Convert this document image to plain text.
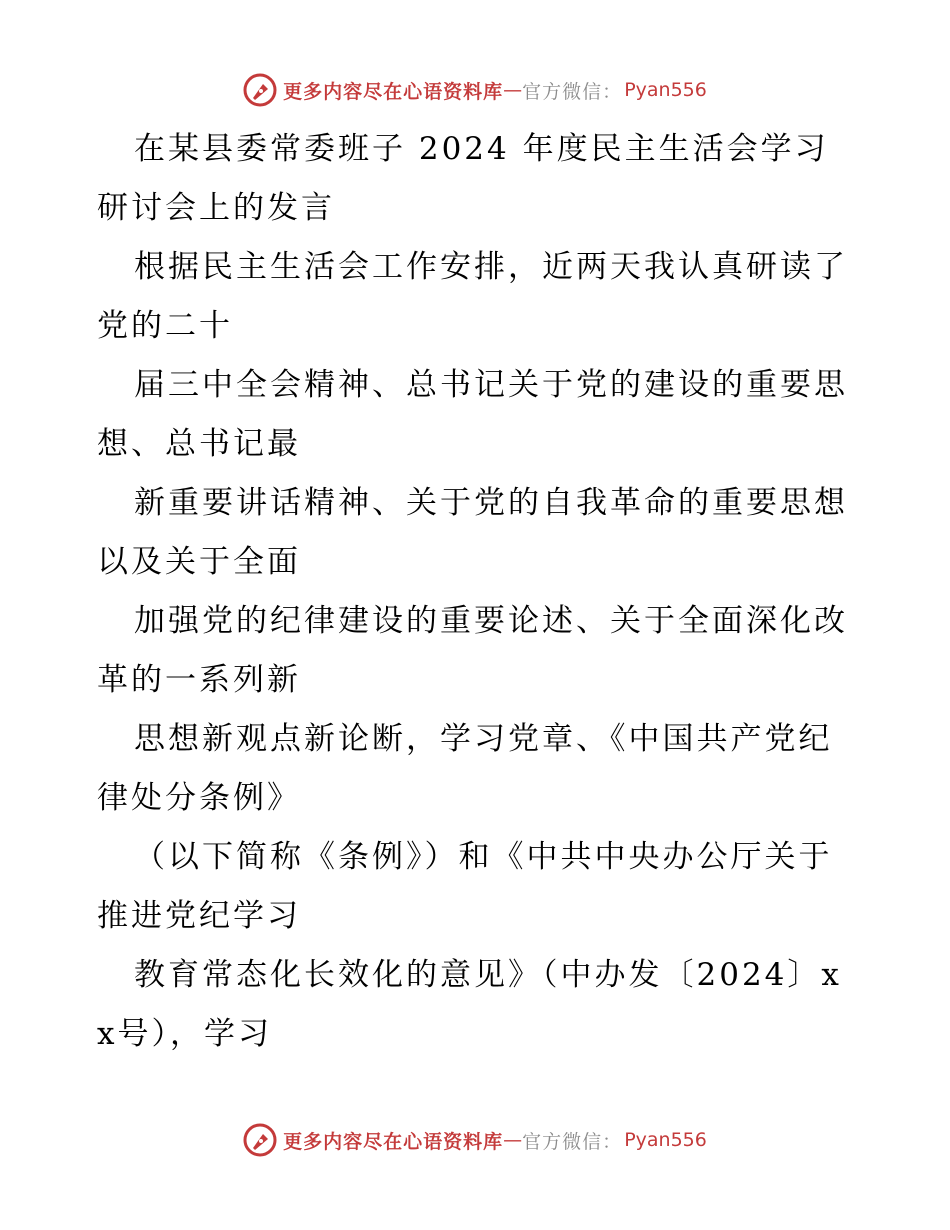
更多内容尽在心语资料库 — 官方微信： Pyan556

在某县委常委班子 2024 年度民主生活会学习研讨会上的发言

根据民主生活会工作安排，近两天我认真研读了党的二十

届三中全会精神、总书记关于党的建设的重要思想、总书记最

新重要讲话精神、关于党的自我革命的重要思想以及关于全面

加强党的纪律建设的重要论述、关于全面深化改革的一系列新

思想新观点新论断，学习党章、《中国共产党纪律处分条例》

（以下简称《条例》）和《中共中央办公厅关于推进党纪学习

教育常态化长效化的意见》（中办发〔2024〕xx号），学习

更多内容尽在心语资料库 — 官方微信： Pyan556
